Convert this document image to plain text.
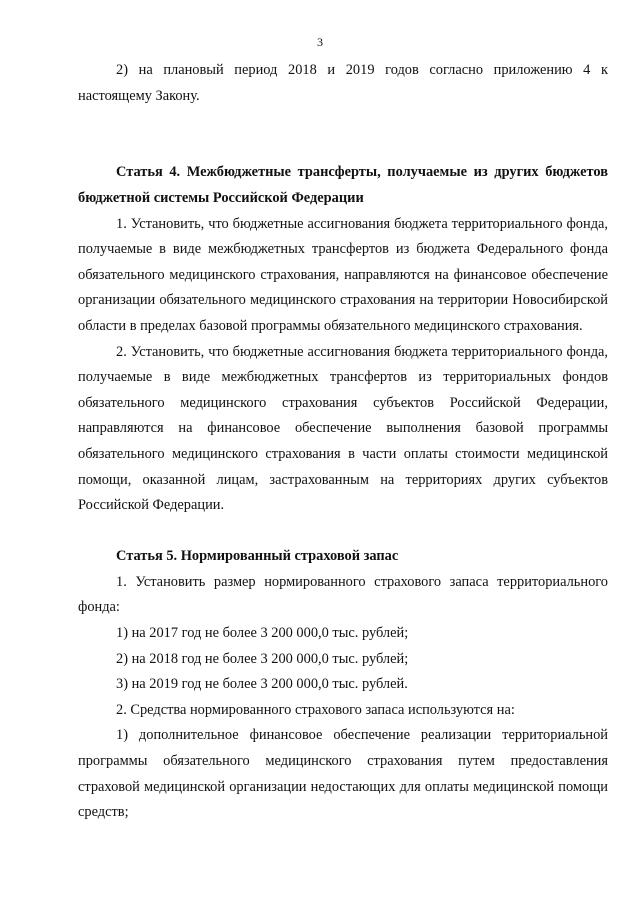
3

2) на плановый период 2018 и 2019 годов согласно приложению 4 к настоящему Закону.

Статья 4. Межбюджетные трансферты, получаемые из других бюджетов бюджетной системы Российской Федерации

1. Установить, что бюджетные ассигнования бюджета территориального фонда, получаемые в виде межбюджетных трансфертов из бюджета Федерального фонда обязательного медицинского страхования, направляются на финансовое обеспечение организации обязательного медицинского страхования на территории Новосибирской области в пределах базовой программы обязательного медицинского страхования.

2. Установить, что бюджетные ассигнования бюджета территориального фонда, получаемые в виде межбюджетных трансфертов из территориальных фондов обязательного медицинского страхования субъектов Российской Федерации, направляются на финансовое обеспечение выполнения базовой программы обязательного медицинского страхования в части оплаты стоимости медицинской помощи, оказанной лицам, застрахованным на территориях других субъектов Российской Федерации.

Статья 5. Нормированный страховой запас

1. Установить размер нормированного страхового запаса территориального фонда:

1) на 2017 год не более 3 200 000,0 тыс. рублей;

2) на 2018 год не более 3 200 000,0 тыс. рублей;

3) на 2019 год не более 3 200 000,0 тыс. рублей.

2. Средства нормированного страхового запаса используются на:

1) дополнительное финансовое обеспечение реализации территориальной программы обязательного медицинского страхования путем предоставления страховой медицинской организации недостающих для оплаты медицинской помощи средств;
